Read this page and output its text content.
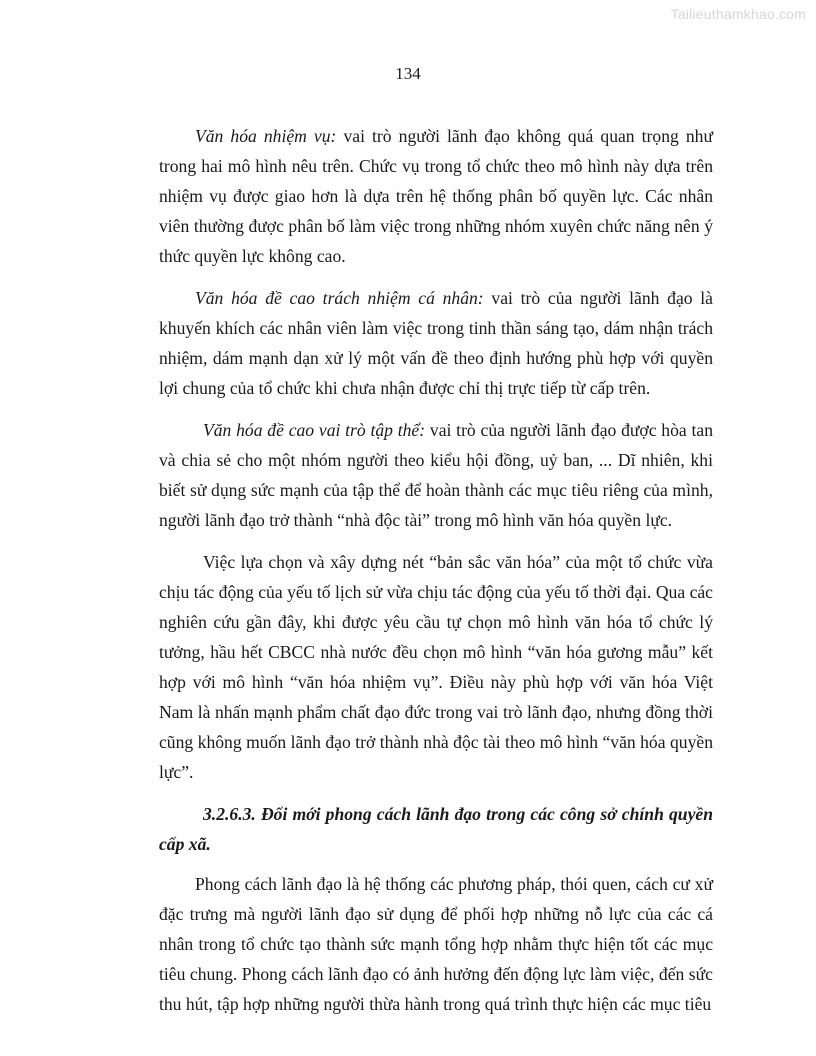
Tailieuthamkhao.com
134

Văn hóa nhiệm vụ: vai trò người lãnh đạo không quá quan trọng như trong hai mô hình nêu trên. Chức vụ trong tổ chức theo mô hình này dựa trên nhiệm vụ được giao hơn là dựa trên hệ thống phân bố quyền lực. Các nhân viên thường được phân bố làm việc trong những nhóm xuyên chức năng nên ý thức quyền lực không cao.

Văn hóa đề cao trách nhiệm cá nhân: vai trò của người lãnh đạo là khuyến khích các nhân viên làm việc trong tinh thần sáng tạo, dám nhận trách nhiệm, dám mạnh dạn xử lý một vấn đề theo định hướng phù hợp với quyền lợi chung của tổ chức khi chưa nhận được chỉ thị trực tiếp từ cấp trên.

Văn hóa đề cao vai trò tập thể: vai trò của người lãnh đạo được hòa tan và chia sẻ cho một nhóm người theo kiểu hội đồng, uỷ ban, ... Dĩ nhiên, khi biết sử dụng sức mạnh của tập thể để hoàn thành các mục tiêu riêng của mình, người lãnh đạo trở thành “nhà độc tài” trong mô hình văn hóa quyền lực.

Việc lựa chọn và xây dựng nét “bản sắc văn hóa” của một tổ chức vừa chịu tác động của yếu tố lịch sử vừa chịu tác động của yếu tố thời đại. Qua các nghiên cứu gần đây, khi được yêu cầu tự chọn mô hình văn hóa tổ chức lý tưởng, hầu hết CBCC nhà nước đều chọn mô hình “văn hóa gương mẫu” kết hợp với mô hình “văn hóa nhiệm vụ”. Điều này phù hợp với văn hóa Việt Nam là nhấn mạnh phẩm chất đạo đức trong vai trò lãnh đạo, nhưng đồng thời cũng không muốn lãnh đạo trở thành nhà độc tài theo mô hình “văn hóa quyền lực”.

3.2.6.3. Đổi mới phong cách lãnh đạo trong các công sở chính quyền cấp xã.

Phong cách lãnh đạo là hệ thống các phương pháp, thói quen, cách cư xử đặc trưng mà người lãnh đạo sử dụng để phối hợp những nỗ lực của các cá nhân trong tổ chức tạo thành sức mạnh tổng hợp nhằm thực hiện tốt các mục tiêu chung. Phong cách lãnh đạo có ảnh hưởng đến động lực làm việc, đến sức thu hút, tập hợp những người thừa hành trong quá trình thực hiện các mục tiêu
